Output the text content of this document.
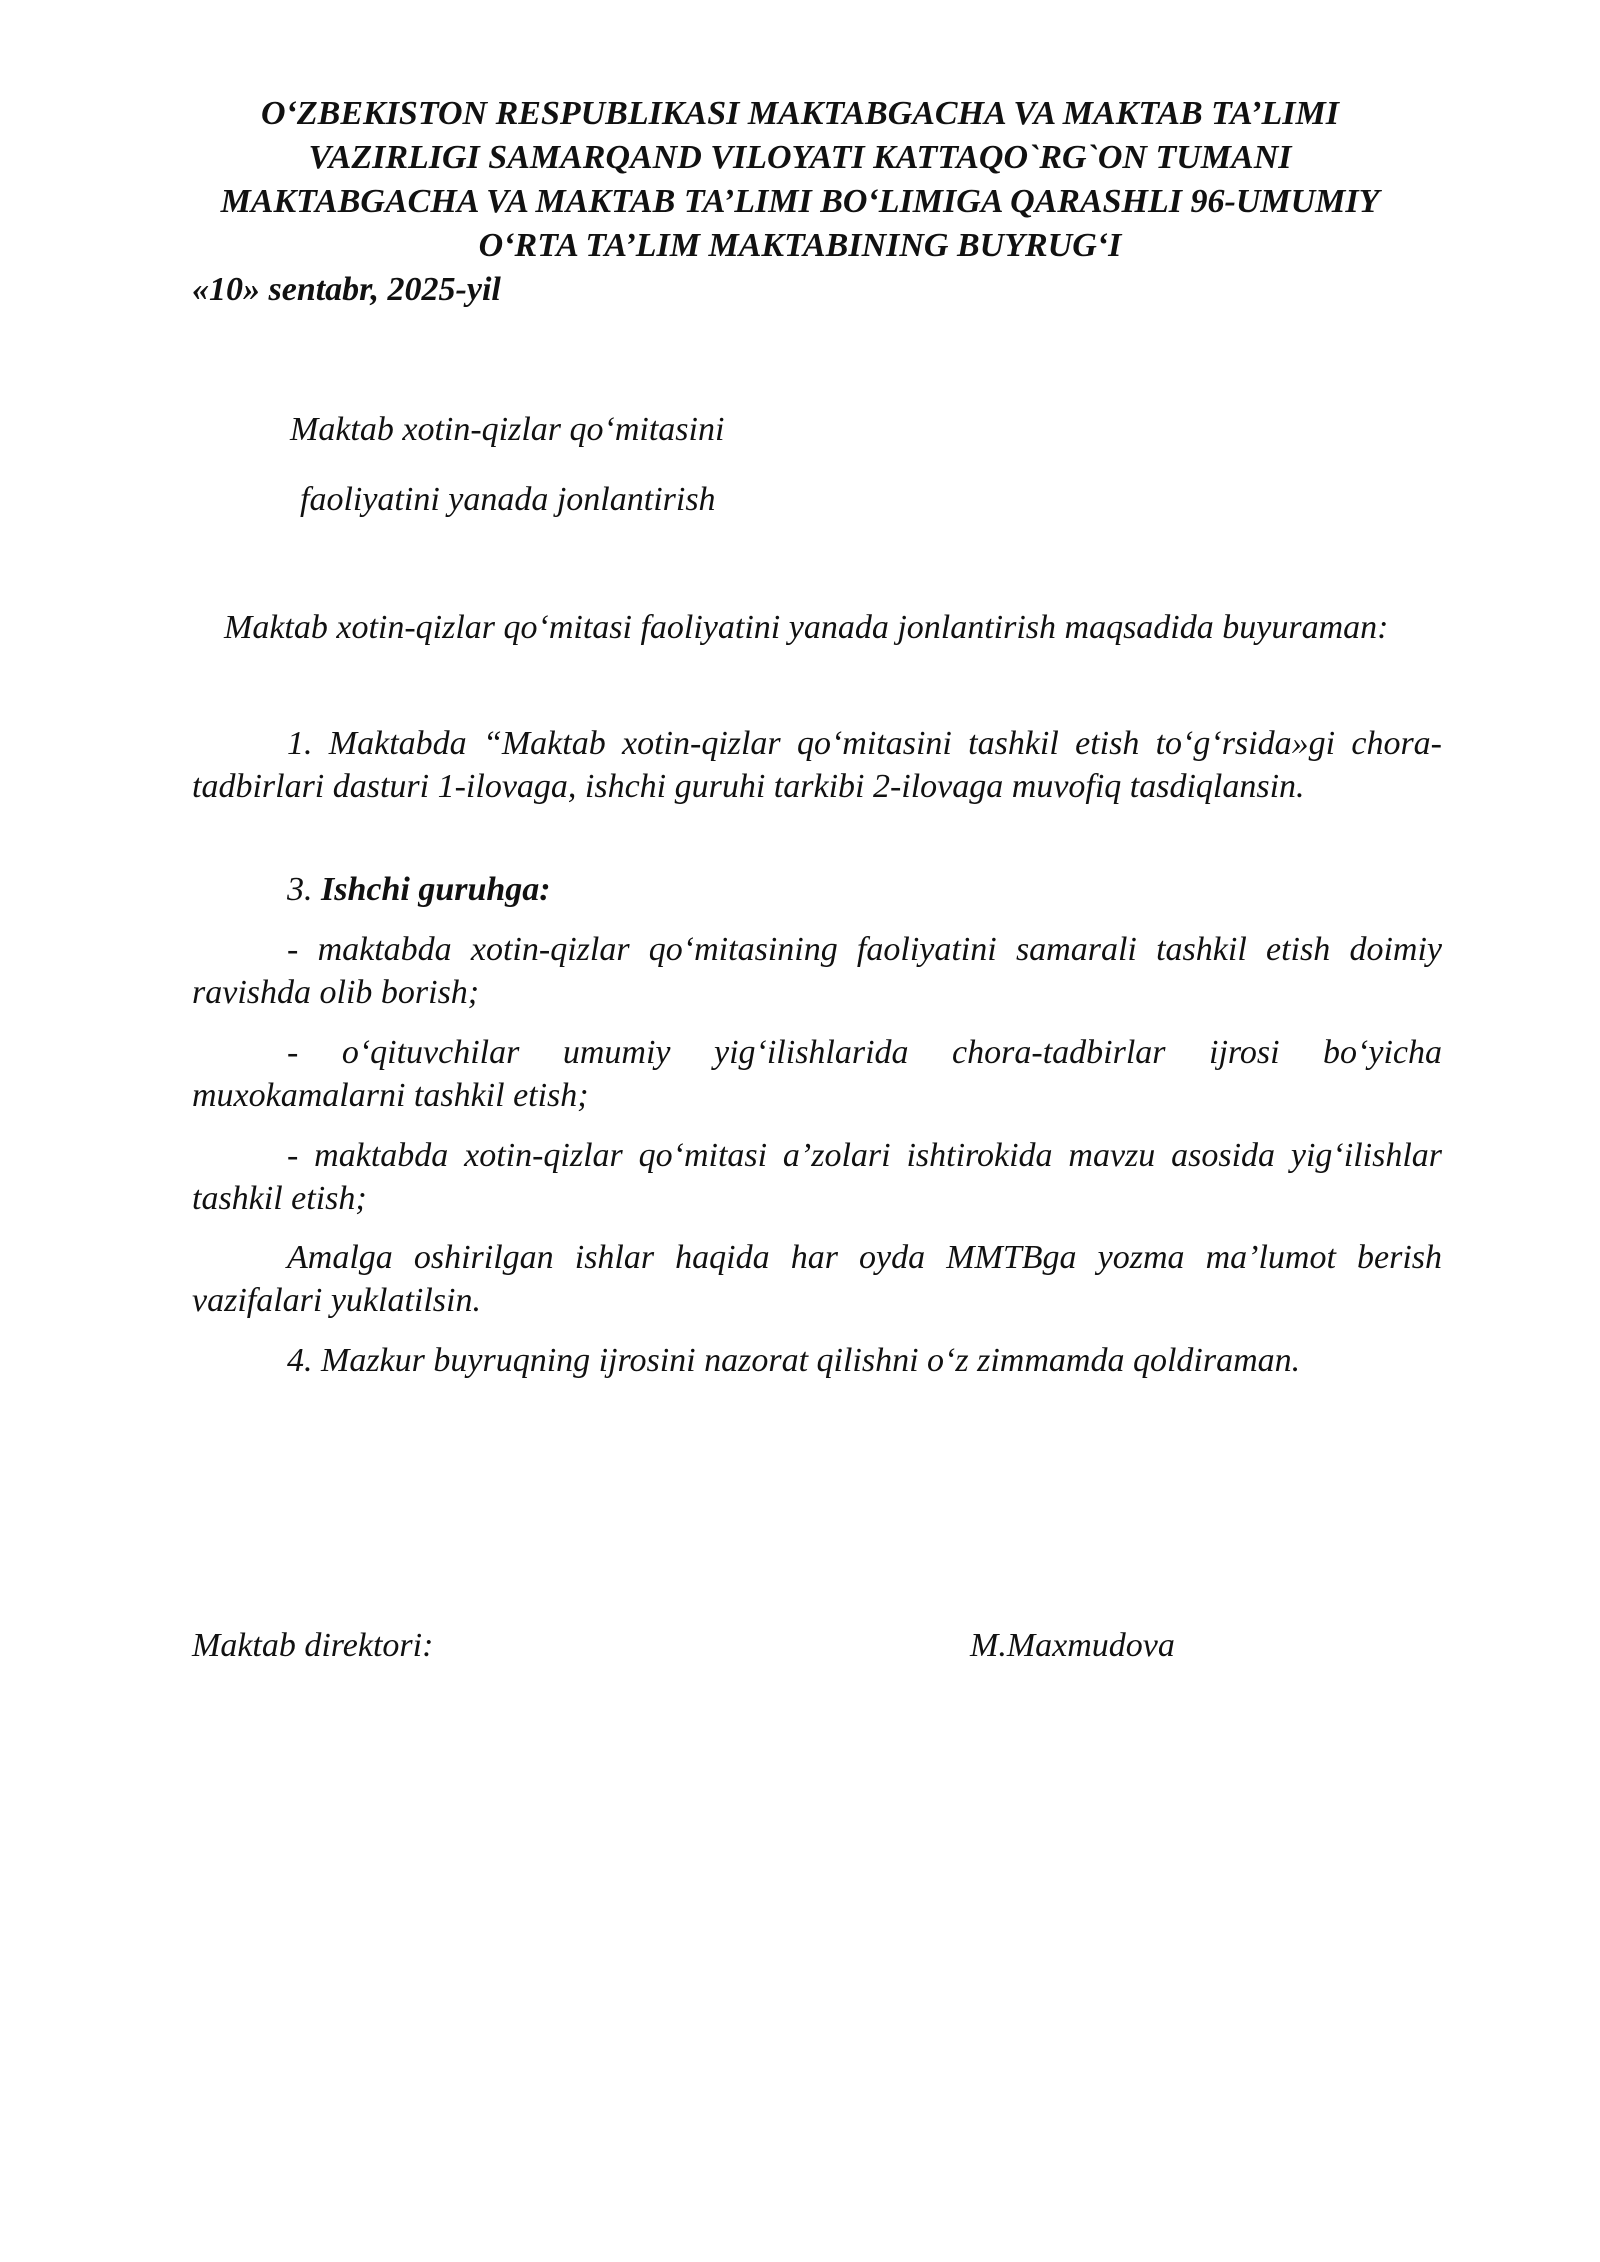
O‘ZBEKISTON RESPUBLIKASI MAKTABGACHA VA MAKTAB TA’LIMI
VAZIRLIGI SAMARQAND VILOYATI KATTAQO`RG`ON TUMANI
MAKTABGACHA VA MAKTAB TA’LIMI BO‘LIMIGA QARASHLI 96-UMUMIY
O‘RTA TA’LIM MAKTABINING BUYRUG‘I
«10» sentabr, 2025-yil
Maktab xotin-qizlar qo‘mitasini
faoliyatini yanada jonlantirish
Maktab xotin-qizlar qo‘mitasi faoliyatini yanada jonlantirish maqsadida buyuraman:
1. Maktabda “Maktab xotin-qizlar qo‘mitasini tashkil etish to‘g‘rsida»gi chora-tadbirlari dasturi 1-ilovaga, ishchi guruhi tarkibi 2-ilovaga muvofiq tasdiqlansin.
3. Ishchi guruhga:
- maktabda xotin-qizlar qo‘mitasining faoliyatini samarali tashkil etish doimiy ravishda olib borish;
- o‘qituvchilar umumiy yig‘ilishlarida chora-tadbirlar ijrosi bo‘yicha muxokamalarni tashkil etish;
- maktabda xotin-qizlar qo‘mitasi a’zolari ishtirokida mavzu asosida yig‘ilishlar tashkil etish;
Amalga oshirilgan ishlar haqida har oyda MMTBga yozma ma’lumot berish vazifalari yuklatilsin.
4. Mazkur buyruqning ijrosini nazorat qilishni o‘z zimmamda qoldiraman.
Maktab direktori:	M.Maxmudova
